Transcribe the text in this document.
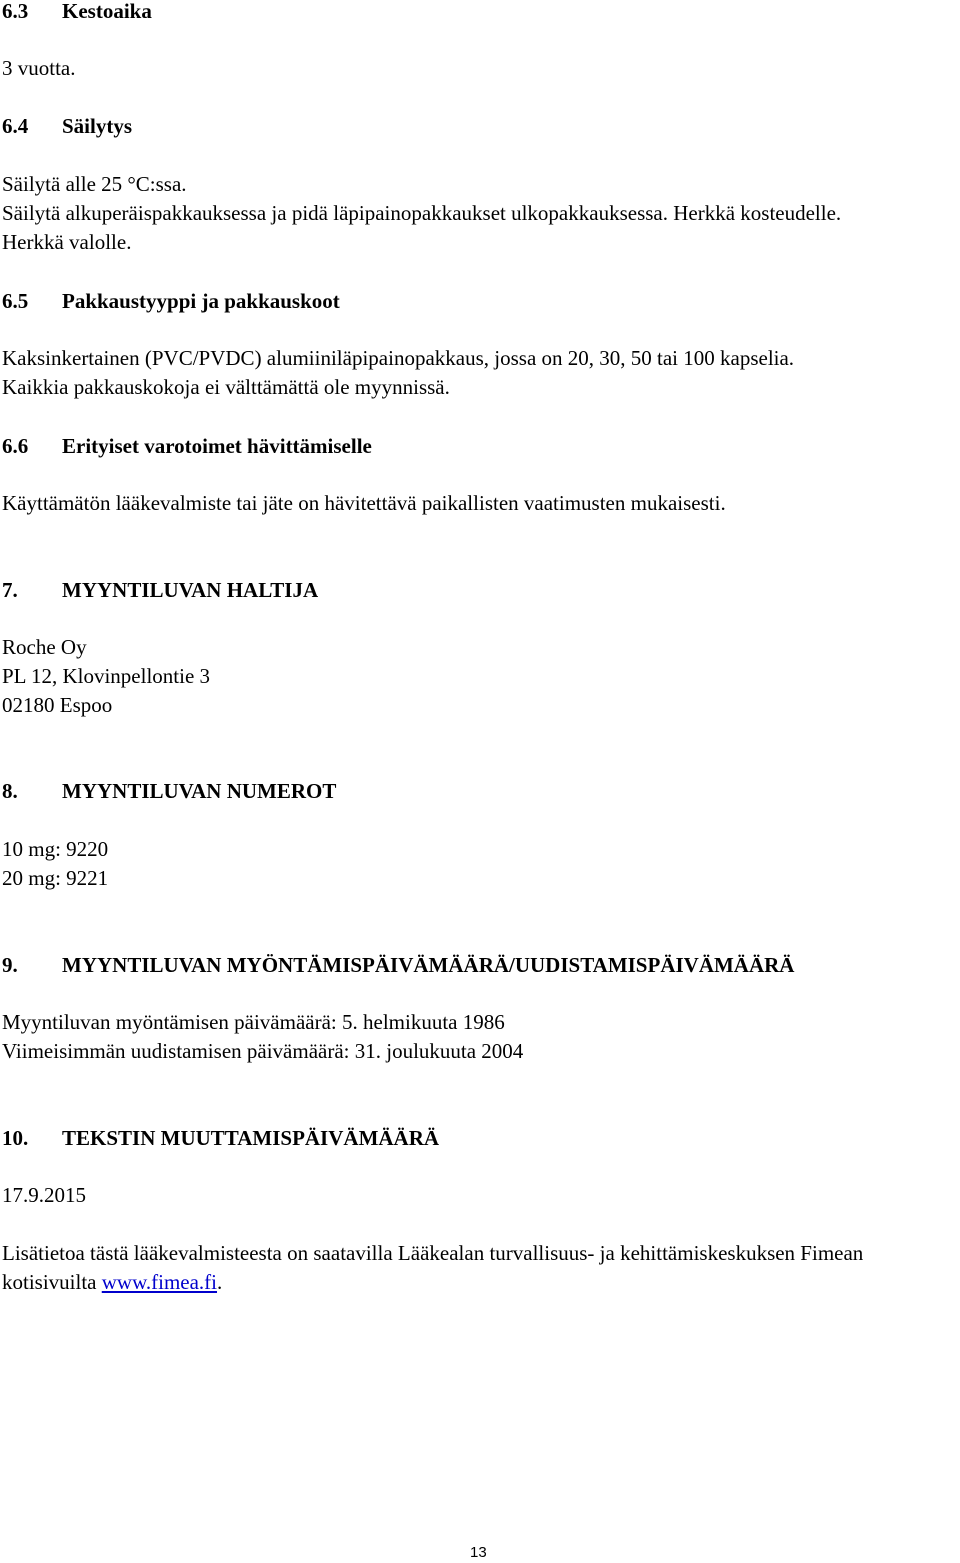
6.3 Kestoaika

3 vuotta.

6.4 Säilytys

Säilytä alle 25 °C:ssa.

Säilytä alkuperäispakkauksessa ja pidä läpipainopakkaukset ulkopakkauksessa. Herkkä kosteudelle.

Herkkä valolle.

6.5 Pakkaustyyppi ja pakkauskoot

Kaksinkertainen (PVC/PVDC) alumiiniläpipainopakkaus, jossa on 20, 30, 50 tai 100 kapselia.

Kaikkia pakkauskokoja ei välttämättä ole myynnissä.

6.6 Erityiset varotoimet hävittämiselle

Käyttämätön lääkevalmiste tai jäte on hävitettävä paikallisten vaatimusten mukaisesti.

7. MYYNTILUVAN HALTIJA

Roche Oy

PL 12, Klovinpellontie 3

02180 Espoo

8. MYYNTILUVAN NUMEROT

10 mg: 9220

20 mg: 9221

9. MYYNTILUVAN MYÖNTÄMISPÄIVÄMÄÄRÄ/UUDISTAMISPÄIVÄMÄÄRÄ

Myyntiluvan myöntämisen päivämäärä: 5. helmikuuta 1986

Viimeisimmän uudistamisen päivämäärä: 31. joulukuuta 2004

10. TEKSTIN MUUTTAMISPÄIVÄMÄÄRÄ

17.9.2015

Lisätietoa tästä lääkevalmisteesta on saatavilla Lääkealan turvallisuus- ja kehittämiskeskuksen Fimean

kotisivuilta www.fimea.fi.

13
